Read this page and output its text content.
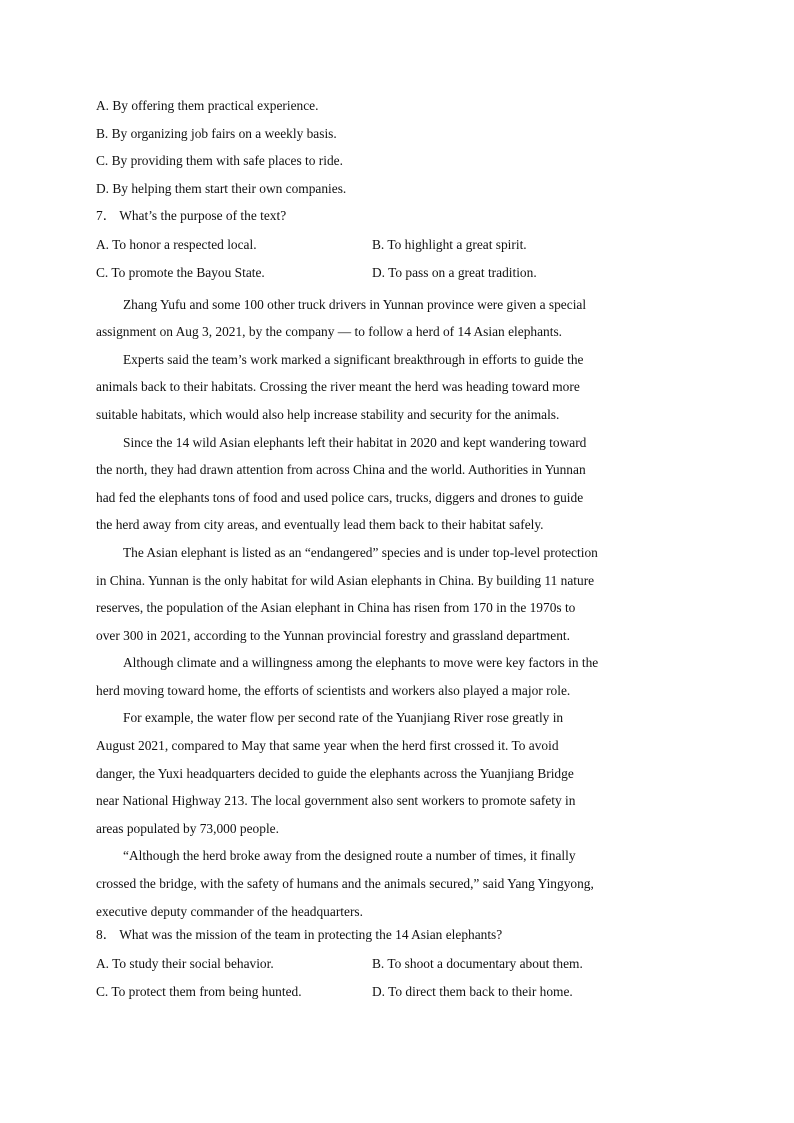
A. By offering them practical experience.
B. By organizing job fairs on a weekly basis.
C. By providing them with safe places to ride.
D. By helping them start their own companies.
7． What’s the purpose of the text?
A. To honor a respected local.	B. To highlight a great spirit.
C. To promote the Bayou State.	D. To pass on a great tradition.

Zhang Yufu and some 100 other truck drivers in Yunnan province were given a special
assignment on Aug 3, 2021, by the company — to follow a herd of 14 Asian elephants.

Experts said the team’s work marked a significant breakthrough in efforts to guide the
animals back to their habitats. Crossing the river meant the herd was heading toward more
suitable habitats, which would also help increase stability and security for the animals.

Since the 14 wild Asian elephants left their habitat in 2020 and kept wandering toward
the north, they had drawn attention from across China and the world. Authorities in Yunnan
had fed the elephants tons of food and used police cars, trucks, diggers and drones to guide
the herd away from city areas, and eventually lead them back to their habitat safely.

The Asian elephant is listed as an “endangered” species and is under top-level protection
in China. Yunnan is the only habitat for wild Asian elephants in China. By building 11 nature
reserves, the population of the Asian elephant in China has risen from 170 in the 1970s to
over 300 in 2021, according to the Yunnan provincial forestry and grassland department.

Although climate and a willingness among the elephants to move were key factors in the
herd moving toward home, the efforts of scientists and workers also played a major role.

For example, the water flow per second rate of the Yuanjiang River rose greatly in
August 2021, compared to May that same year when the herd first crossed it. To avoid
danger, the Yuxi headquarters decided to guide the elephants across the Yuanjiang Bridge
near National Highway 213. The local government also sent workers to promote safety in
areas populated by 73,000 people.

“Although the herd broke away from the designed route a number of times, it finally
crossed the bridge, with the safety of humans and the animals secured,” said Yang Yingyong,
executive deputy commander of the headquarters.

8． What was the mission of the team in protecting the 14 Asian elephants?
A. To study their social behavior.	B. To shoot a documentary about them.
C. To protect them from being hunted.	D. To direct them back to their home.
